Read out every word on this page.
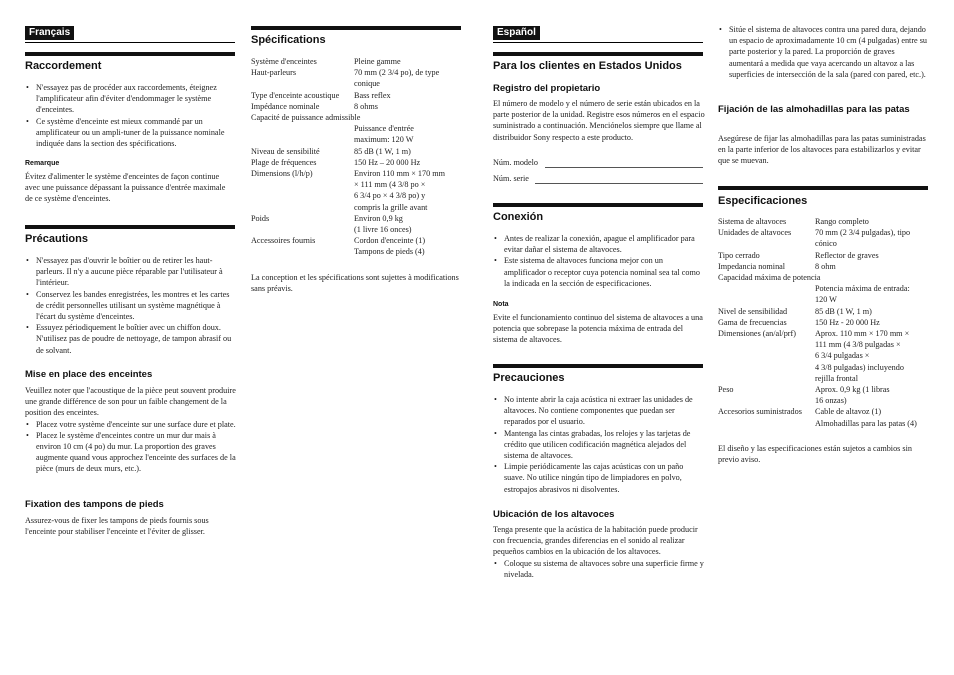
Français
Raccordement
• N'essayez pas de procéder aux raccordements, éteignez l'amplificateur afin d'éviter d'endommager le système d'enceintes.
• Ce système d'enceinte est mieux commandé par un amplificateur ou un ampli-tuner de la puissance nominale indiquée dans la section des spécifications.
Remarque

Évitez d'alimenter le système d'enceintes de façon continue avec une puissance dépassant la puissance d'entrée maximale de ce système d'enceintes.

Précautions
• N'essayez pas d'ouvrir le boîtier ou de retirer les haut-parleurs. Il n'y a aucune pièce réparable par l'utilisateur à l'intérieur.
• Conservez les bandes enregistrées, les montres et les cartes de crédit personnelles utilisant un système magnétique à l'écart du système d'enceintes.
• Essuyez périodiquement le boîtier avec un chiffon doux. N'utilisez pas de poudre de nettoyage, de tampon abrasif ou de solvant.
Mise en place des enceintes

Veuillez noter que l'acoustique de la pièce peut souvent produire une grande différence de son pour un faible changement de la position des enceintes.

• Placez votre système d'enceinte sur une surface dure et plate.
• Placez le système d'enceintes contre un mur dur mais à environ 10 cm (4 po) du mur. La proportion des graves augmente quand vous approchez l'enceinte des surfaces de la pièce (murs de deux murs, etc.).
Fixation des tampons de pieds

Assurez-vous de fixer les tampons de pieds fournis sous l'enceinte pour stabiliser l'enceinte et l'éviter de glisser.

Spécifications
Système d'enceintes	Pleine gamme
Haut-parleurs	70 mm (2 3/4 po), de type
conique
Type d'enceinte acoustique	Bass reflex
Impédance nominale	8 ohms
Capacité de puissance admissible	
	Puissance d'entrée
maximum: 120 W
Niveau de sensibilité	85 dB (1 W, 1 m)
Plage de fréquences	150 Hz – 20 000 Hz
Dimensions (l/h/p)	Environ 110 mm × 170 mm
× 111 mm (4 3/8 po ×
6 3/4 po × 4 3/8 po) y
compris la grille avant
Poids	Environ 0,9 kg
(1 livre 16 onces)
Accessoires fournis	Cordon d'enceinte (1)
Tampons de pieds (4)

La conception et les spécifications sont sujettes à modifications sans préavis.

Español
Para los clientes en Estados Unidos
Registro del propietario

El número de modelo y el número de serie están ubicados en la parte posterior de la unidad. Registre esos números en el espacio suministrado a continuación. Menciónelos siempre que llame al distribuidor Sony respecto a este producto.

Núm. modelo
Núm. serie
Conexión
• Antes de realizar la conexión, apague el amplificador para evitar dañar el sistema de altavoces.
• Este sistema de altavoces funciona mejor con un amplificador o receptor cuya potencia nominal sea tal como la indicada en la sección de especificaciones.
Nota

Evite el funcionamiento continuo del sistema de altavoces a una potencia que sobrepase la potencia máxima de entrada del sistema de altavoces.

Precauciones
• No intente abrir la caja acústica ni extraer las unidades de altavoces. No contiene componentes que puedan ser reparados por el usuario.
• Mantenga las cintas grabadas, los relojes y las tarjetas de crédito que utilicen codificación magnética alejados del sistema de altavoces.
• Limpie periódicamente las cajas acústicas con un paño suave. No utilice ningún tipo de limpiadores en polvo, estropajos abrasivos ni disolventes.
Ubicación de los altavoces

Tenga presente que la acústica de la habitación puede producir con frecuencia, grandes diferencias en el sonido al realizar pequeños cambios en la ubicación de los altavoces.

• Coloque su sistema de altavoces sobre una superficie firme y nivelada.
• Sitúe el sistema de altavoces contra una pared dura, dejando un espacio de aproximadamente 10 cm (4 pulgadas) entre su parte posterior y la pared. La proporción de graves aumentará a medida que vaya acercando un altavoz a las superficies de intersección de la sala (pared con pared, etc.).
Fijación de las almohadillas para las patas

Asegúrese de fijar las almohadillas para las patas suministradas en la parte inferior de los altavoces para estabilizarlos y evitar que se muevan.

Especificaciones
Sistema de altavoces	Rango completo
Unidades de altavoces	70 mm (2 3/4 pulgadas), tipo
cónico
Tipo cerrado	Reflector de graves
Impedancia nominal	8 ohm
Capacidad máxima de potencia	
	Potencia máxima de entrada:
120 W
Nivel de sensibilidad	85 dB (1 W, 1 m)
Gama de frecuencias	150 Hz - 20 000 Hz
Dimensiones (an/al/prf)	Aprox. 110 mm × 170 mm ×
111 mm (4 3/8 pulgadas ×
6 3/4 pulgadas ×
4 3/8 pulgadas) incluyendo
rejilla frontal
Peso	Aprox. 0,9 kg (1 libras
16 onzas)
Accesorios suministrados	Cable de altavoz (1)
Almohadillas para las patas (4)

El diseño y las especificaciones están sujetos a cambios sin previo aviso.
